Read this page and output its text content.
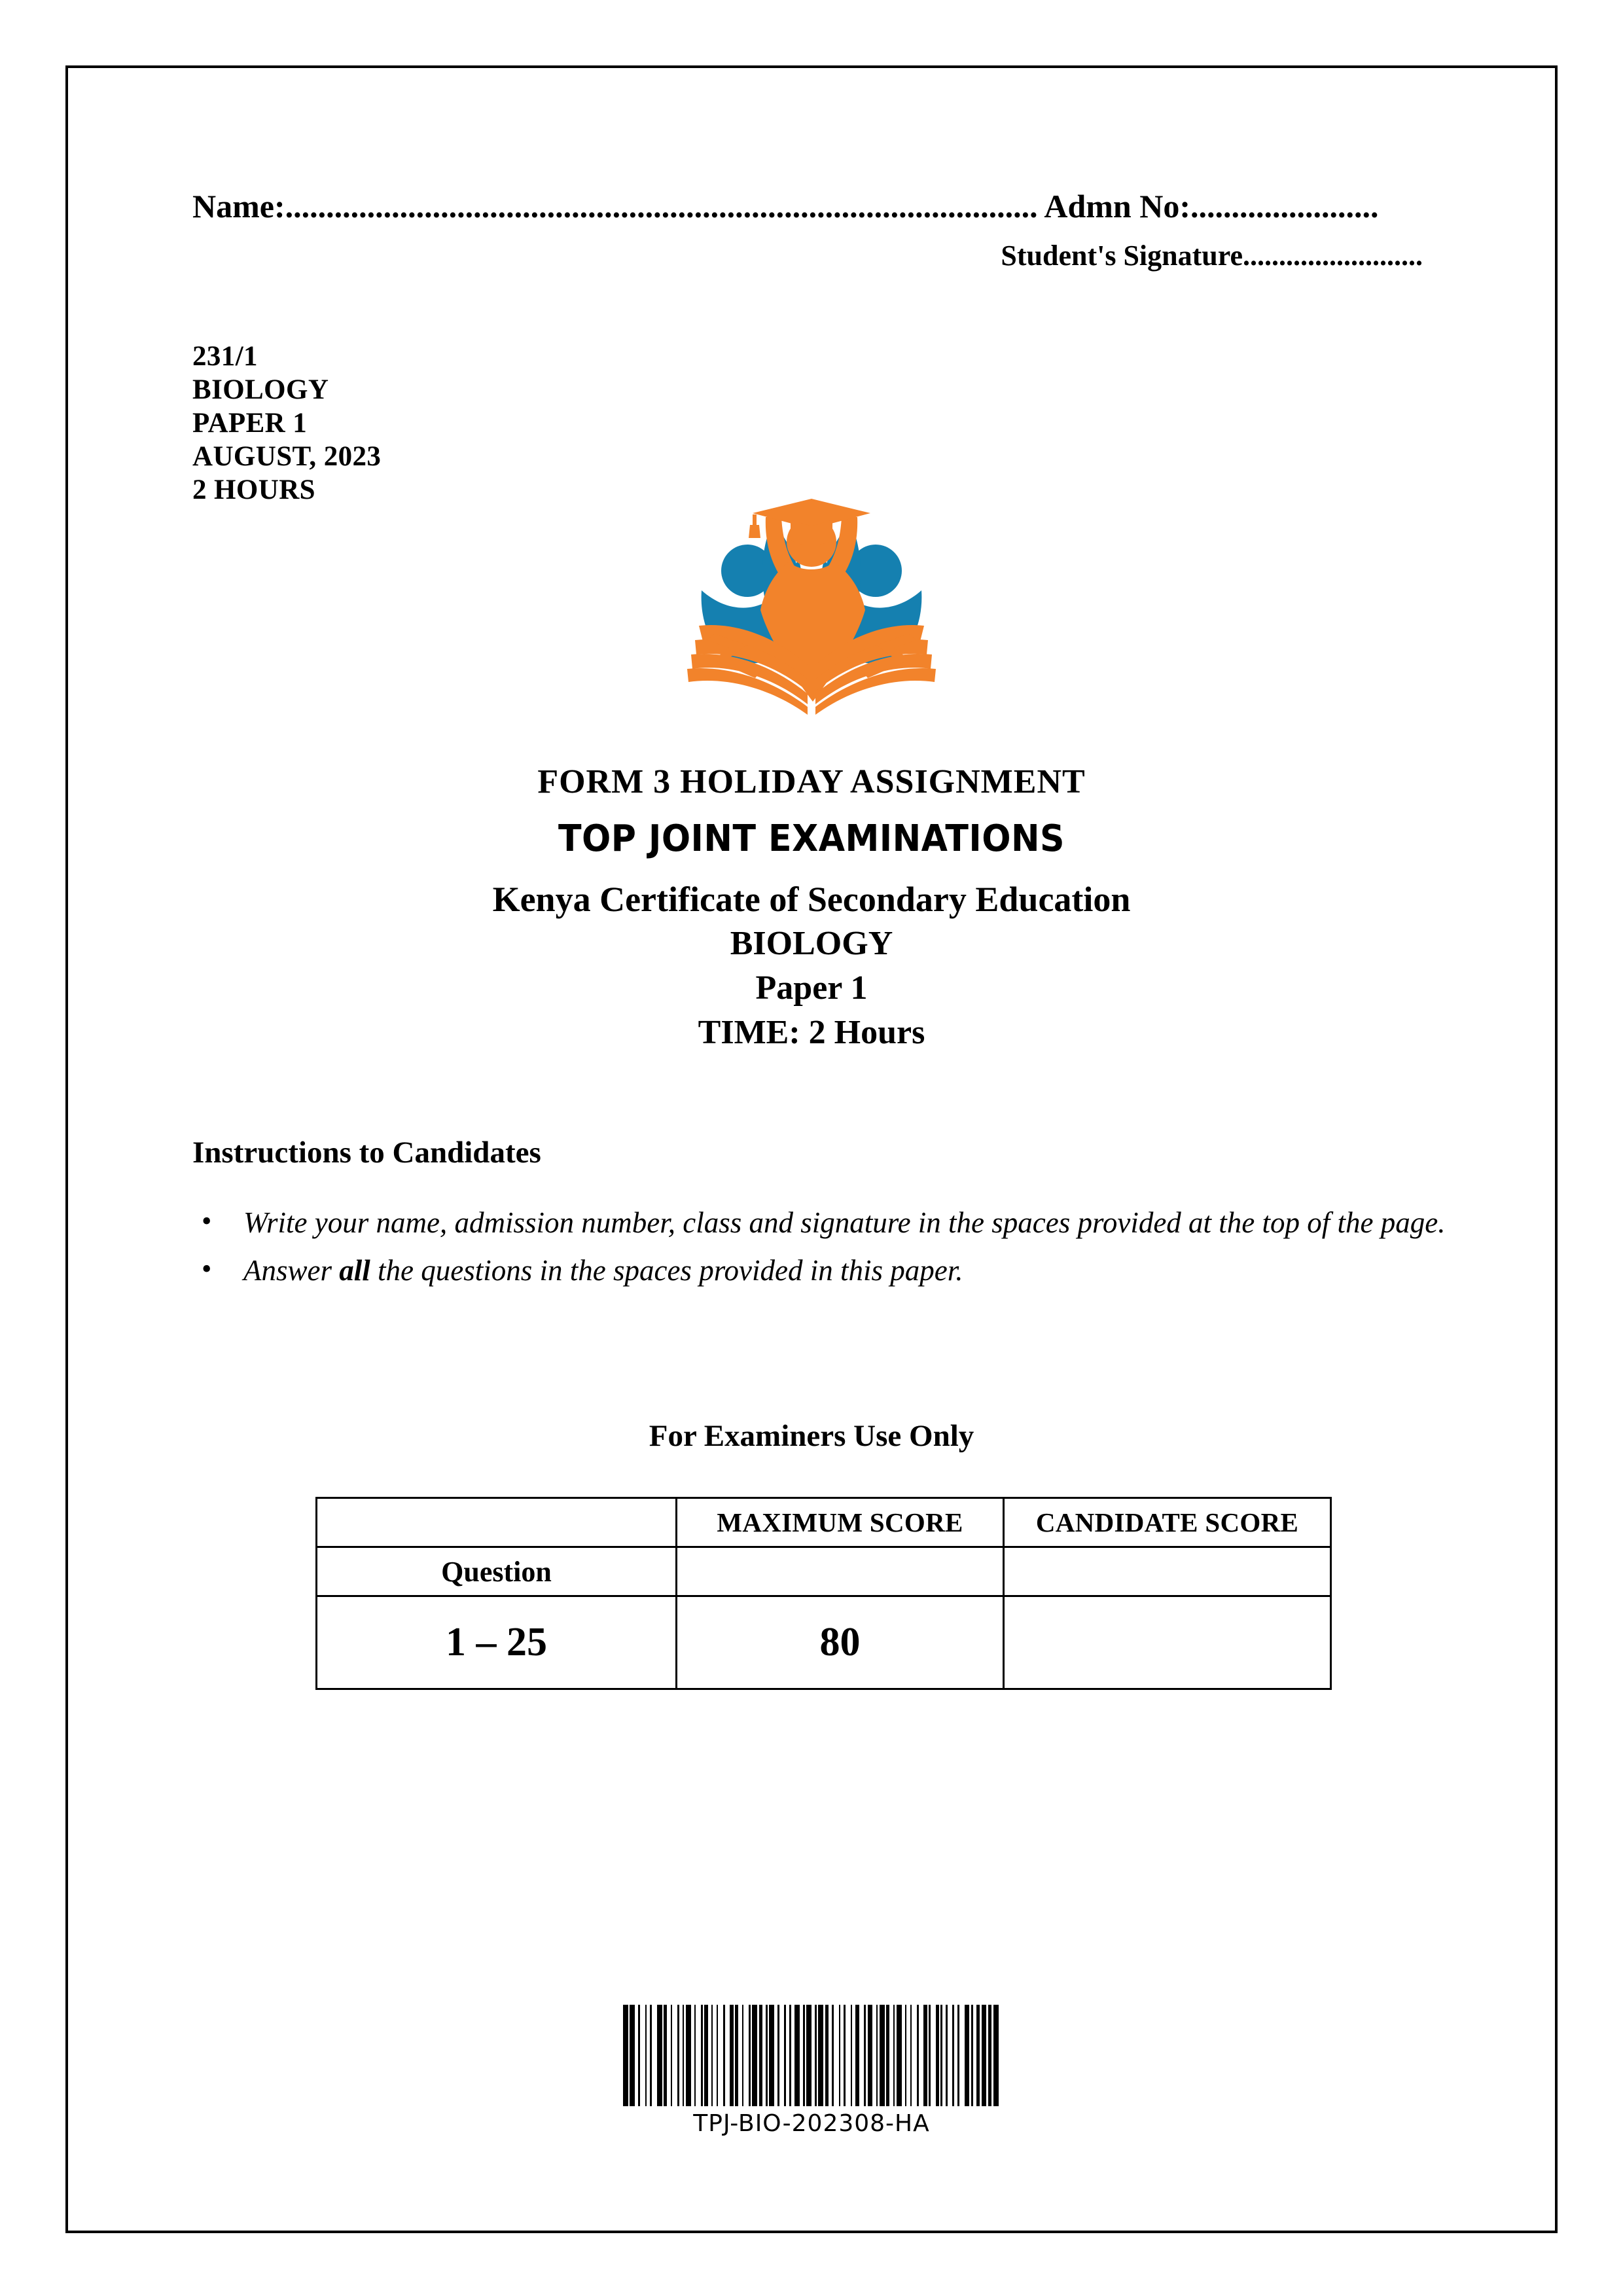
Name:............................................................................................ Admn No:.......................
Student's Signature.........................
231/1
BIOLOGY
PAPER 1
AUGUST, 2023
2 HOURS
FORM 3 HOLIDAY ASSIGNMENT
TOP JOINT EXAMINATIONS
Kenya Certificate of Secondary Education
BIOLOGY
Paper 1
TIME: 2 Hours
Instructions to Candidates
• Write your name, admission number, class and signature in the spaces provided at the top of the page.
• Answer all the questions in the spaces provided in this paper.
For Examiners Use Only
	MAXIMUM SCORE	CANDIDATE SCORE
Question		
1 – 25	80	
TPJ-BIO-202308-HA
